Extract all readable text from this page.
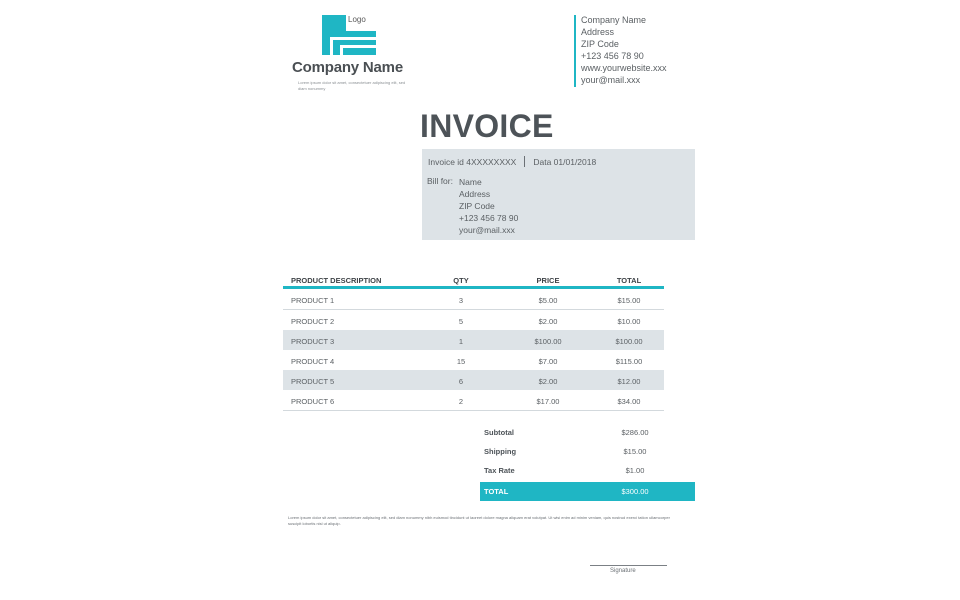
Logo
Company Name
Lorem ipsum dolor sit amet, consectetuer adipiscing elit, sed diam nonummy
Company Name
Address
ZIP Code
+123 456 78 90
www.yourwebsite.xxx
your@mail.xxx
INVOICE
Invoice id 4XXXXXXXX Data 01/01/2018
Bill for: Name
Address
ZIP Code
+123 456 78 90
your@mail.xxx
PRODUCT DESCRIPTION	QTY	PRICE	TOTAL
PRODUCT 1	3	$5.00	$15.00
PRODUCT 2	5	$2.00	$10.00
PRODUCT 3	1	$100.00	$100.00
PRODUCT 4	15	$7.00	$115.00
PRODUCT 5	6	$2.00	$12.00
PRODUCT 6	2	$17.00	$34.00
Subtotal	$286.00
Shipping	$15.00
Tax Rate	$1.00
TOTAL	$300.00
Lorem ipsum dolor sit amet, consectetuer adipiscing elit, sed diam nonummy nibh euismod tincidunt ut laoreet dolore magna aliquam erat volutpat. Ut wisi enim ad minim veniam, quis nostrud exerci tation ullamcorper suscipit lobortis nisl ut aliquip.
Signature
